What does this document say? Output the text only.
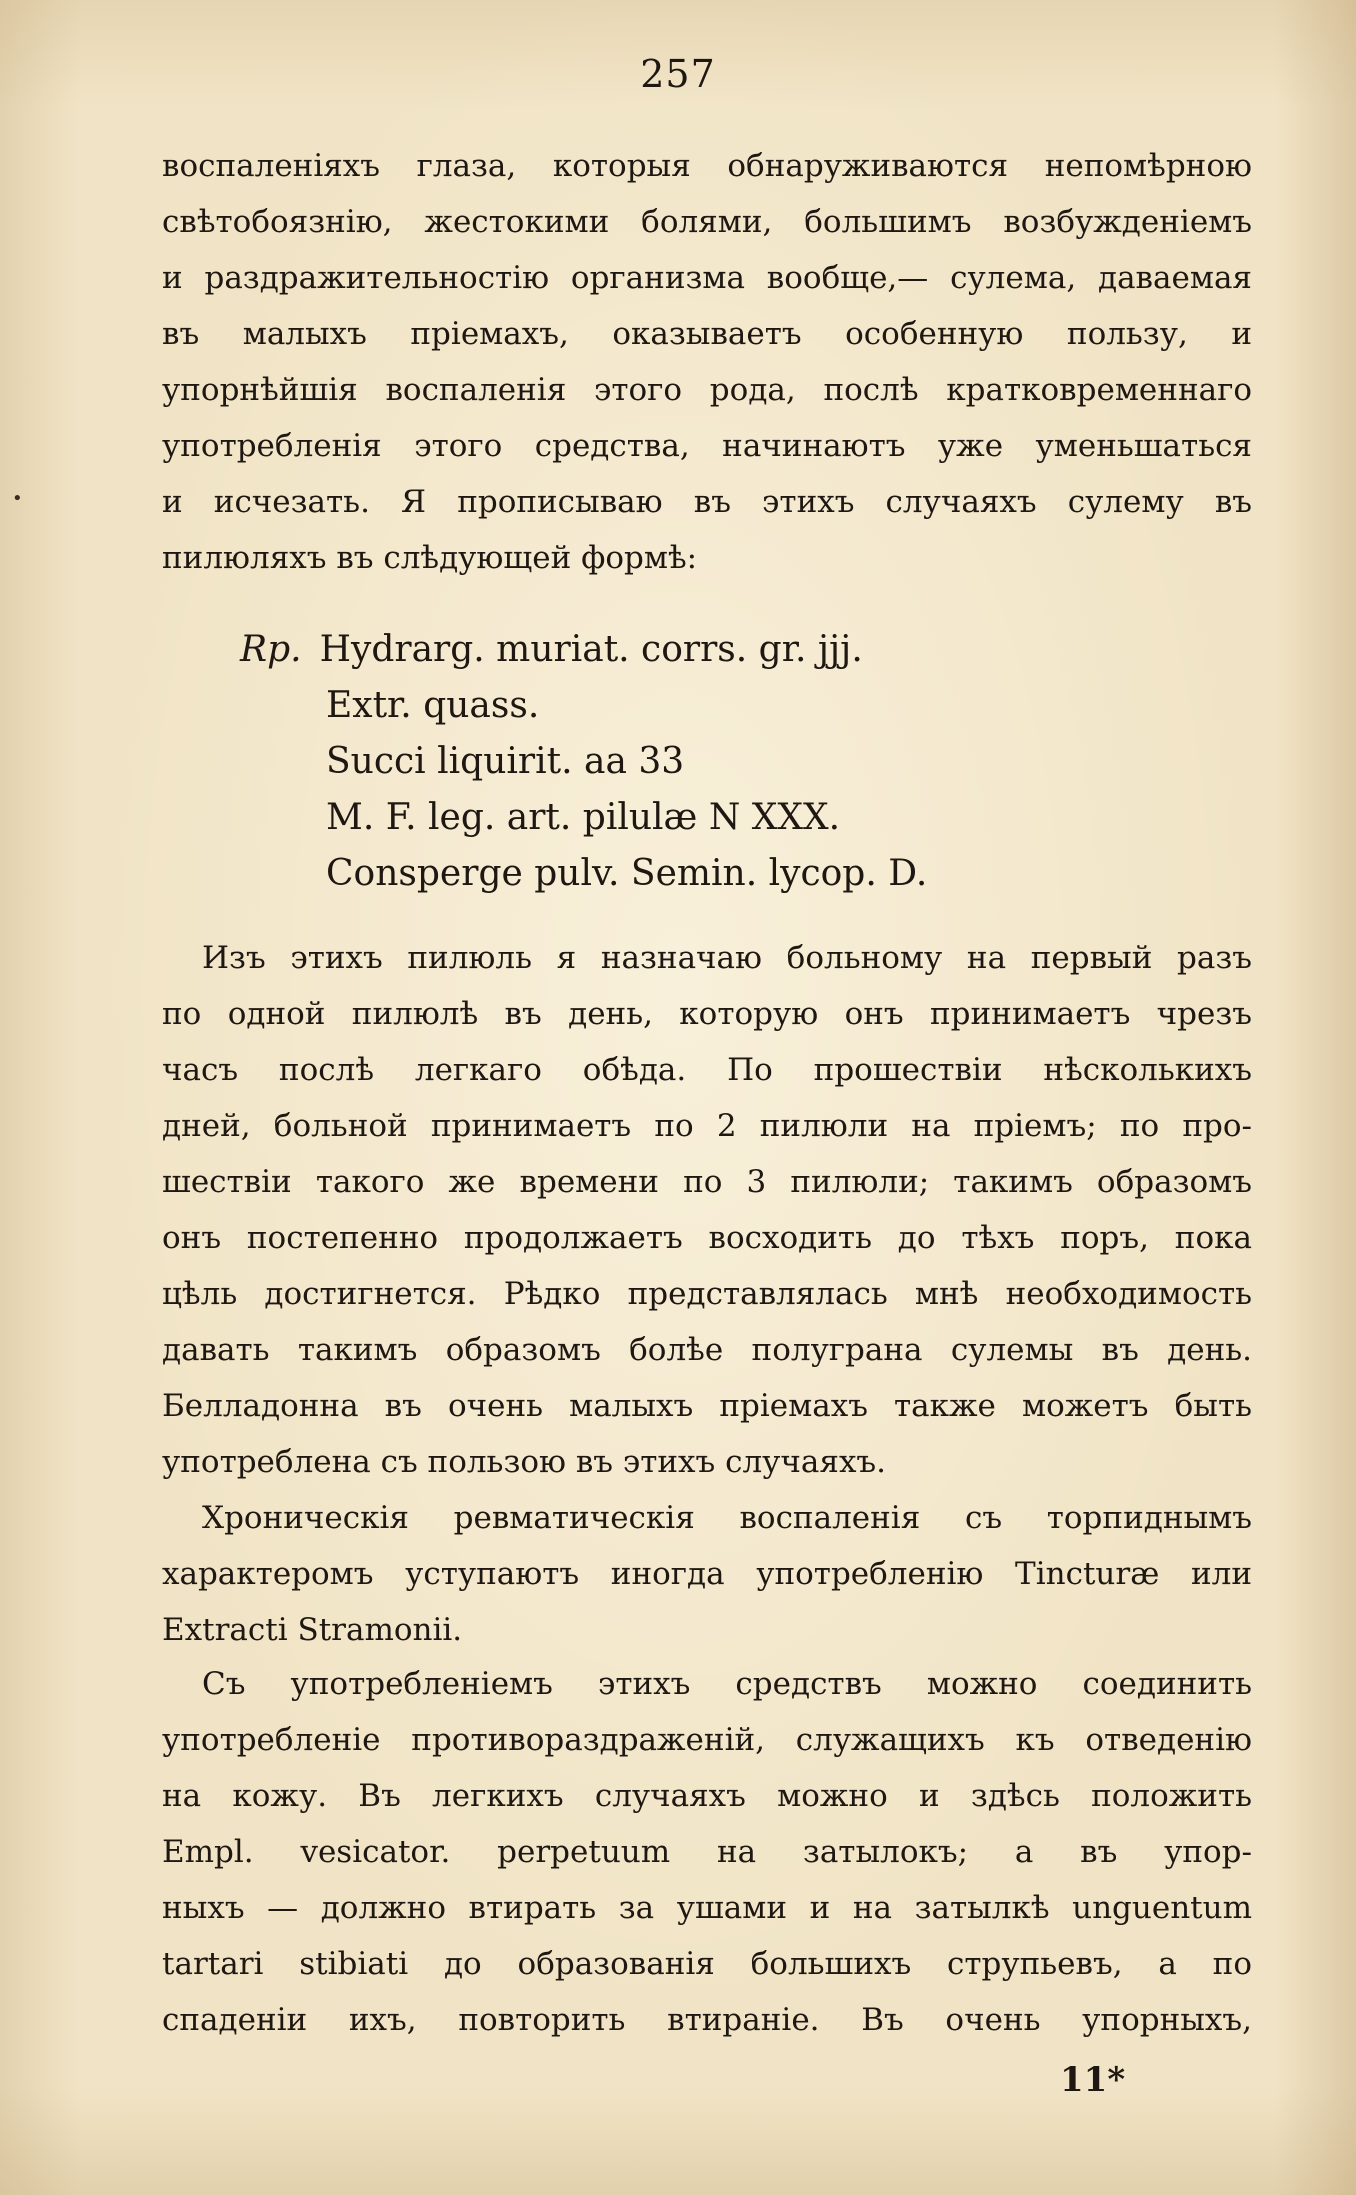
257
•
воспаленіяхъ глаза, которыя обнаруживаются непомѣрною
свѣтобоязнію, жестокими болями, большимъ возбужденіемъ
и раздражительностію организма вообще,— сулема, даваемая
въ малыхъ пріемахъ, оказываетъ особенную пользу, и
упорнѣйшія воспаленія этого рода, послѣ кратковременнаго
употребленія этого средства, начинаютъ уже уменьшаться
и исчезать. Я прописываю въ этихъ случаяхъ сулему въ
пилюляхъ въ слѣдующей формѣ:
Rp. Hydrarg. muriat. corrs. gr. jjj.
Extr. quass.
Succi liquirit. aa 33
M. F. leg. art. pilulæ N XXX.
Consperge pulv. Semin. lycop. D.
Изъ этихъ пилюль я назначаю больному на первый разъ
по одной пилюлѣ въ день, которую онъ принимаетъ чрезъ
часъ послѣ легкаго обѣда. По прошествіи нѣсколькихъ
дней, больной принимаетъ по 2 пилюли на пріемъ; по про-
шествіи такого же времени по 3 пилюли; такимъ образомъ
онъ постепенно продолжаетъ восходить до тѣхъ поръ, пока
цѣль достигнется. Рѣдко представлялась мнѣ необходимость
давать такимъ образомъ болѣе полуграна сулемы въ день.
Белладонна въ очень малыхъ пріемахъ также можетъ быть
употреблена съ пользою въ этихъ случаяхъ.
Хроническія ревматическія воспаленія съ торпиднымъ
характеромъ уступаютъ иногда употребленію Tincturæ или
Extracti Stramonii.
Съ употребленіемъ этихъ средствъ можно соединить
употребленіе противораздраженій, служащихъ къ отведенію
на кожу. Въ легкихъ случаяхъ можно и здѣсь положить
Empl. vesicator. perpetuum на затылокъ; а въ упор-
ныхъ — должно втирать за ушами и на затылкѣ unguentum
tartari stibiati до образованія большихъ струпьевъ, а по
спаденіи ихъ, повторить втираніе. Въ очень упорныхъ,
11*
